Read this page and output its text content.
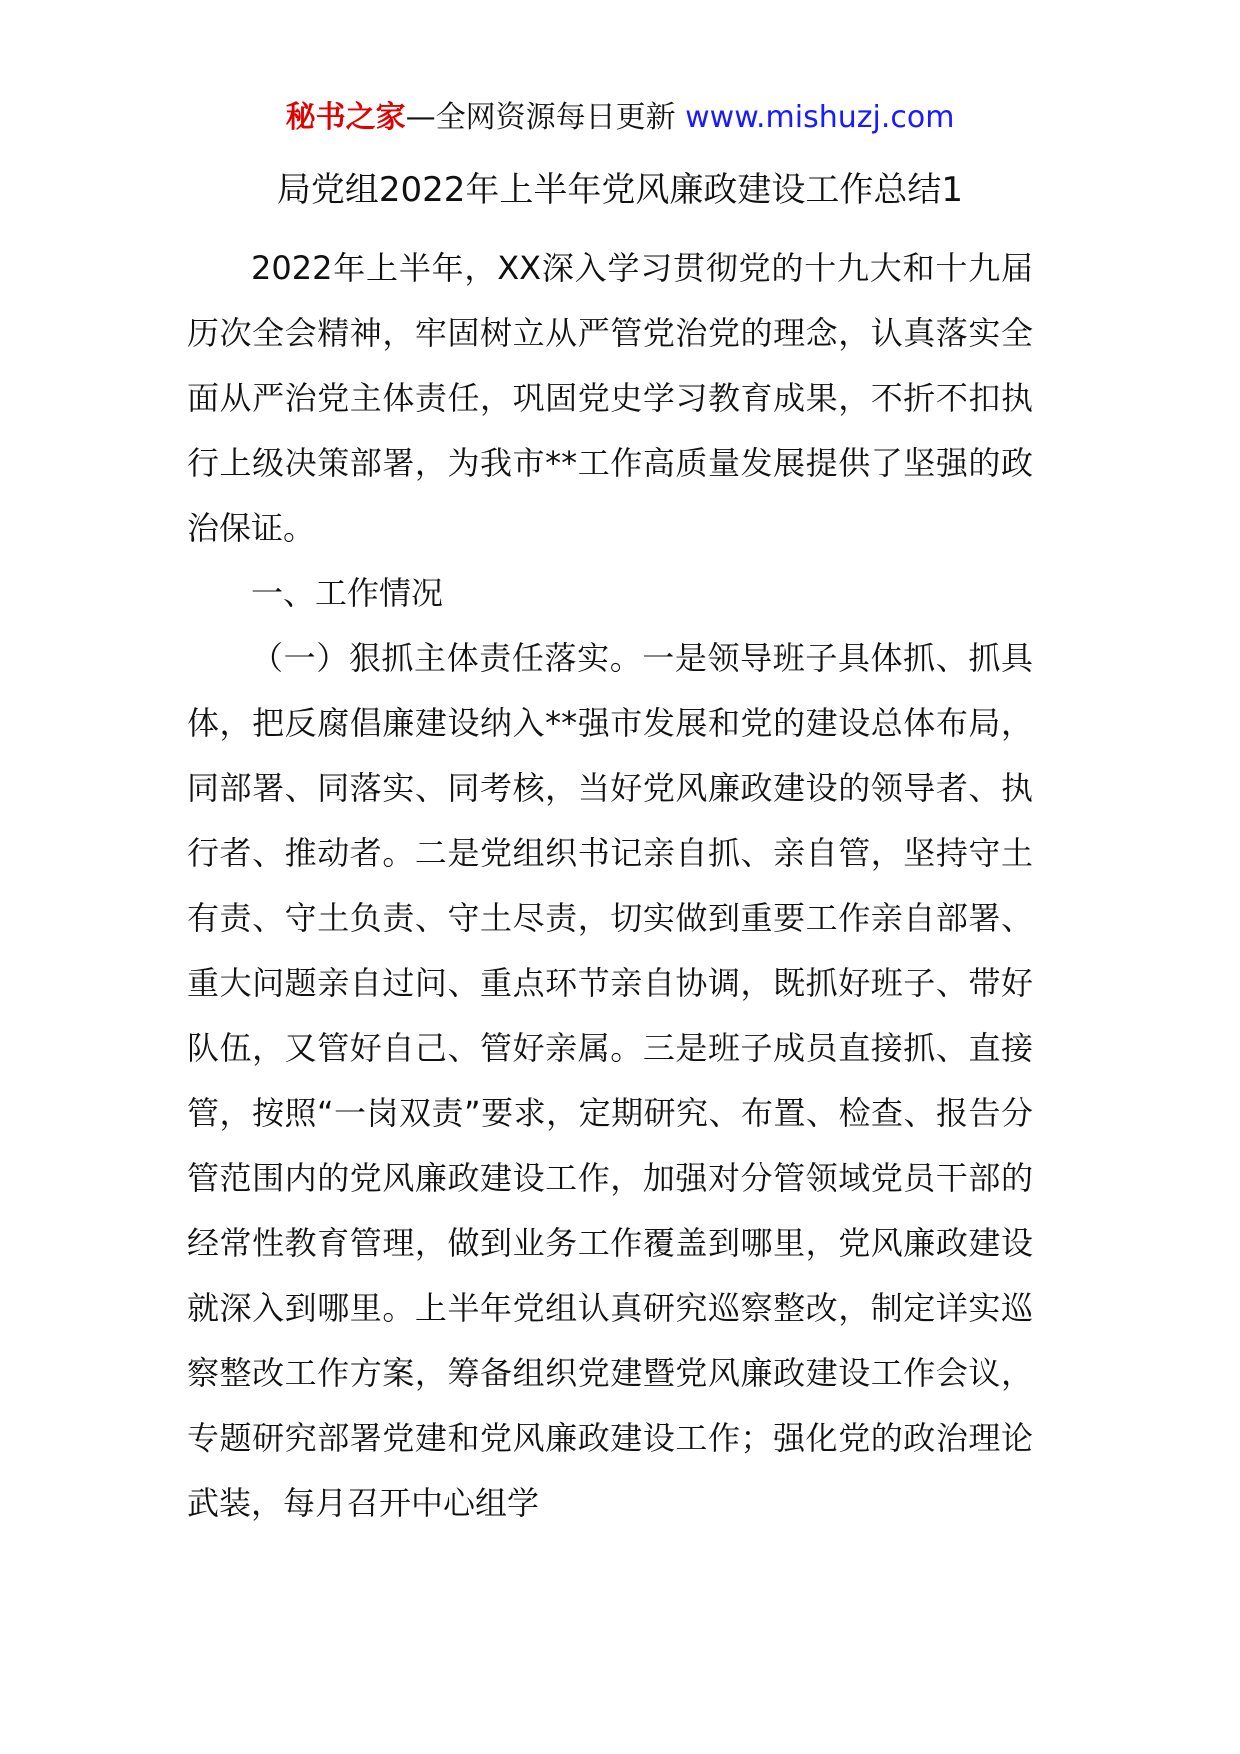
秘书之家—全网资源每日更新 www.mishuzj.com
局党组2022年上半年党风廉政建设工作总结1

2022年上半年，XX深入学习贯彻党的十九大和十九届历次全会精神，牢固树立从严管党治党的理念，认真落实全面从严治党主体责任，巩固党史学习教育成果，不折不扣执行上级决策部署，为我市**工作高质量发展提供了坚强的政治保证。

一、工作情况

（一）狠抓主体责任落实。一是领导班子具体抓、抓具体，把反腐倡廉建设纳入**强市发展和党的建设总体布局，同部署、同落实、同考核，当好党风廉政建设的领导者、执行者、推动者。二是党组织书记亲自抓、亲自管，坚持守土有责、守土负责、守土尽责，切实做到重要工作亲自部署、重大问题亲自过问、重点环节亲自协调，既抓好班子、带好队伍，又管好自己、管好亲属。三是班子成员直接抓、直接管，按照“一岗双责”要求，定期研究、布置、检查、报告分管范围内的党风廉政建设工作，加强对分管领域党员干部的经常性教育管理，做到业务工作覆盖到哪里，党风廉政建设就深入到哪里。上半年党组认真研究巡察整改，制定详实巡察整改工作方案，筹备组织党建暨党风廉政建设工作会议，专题研究部署党建和党风廉政建设工作；强化党的政治理论武装，每月召开中心组学
